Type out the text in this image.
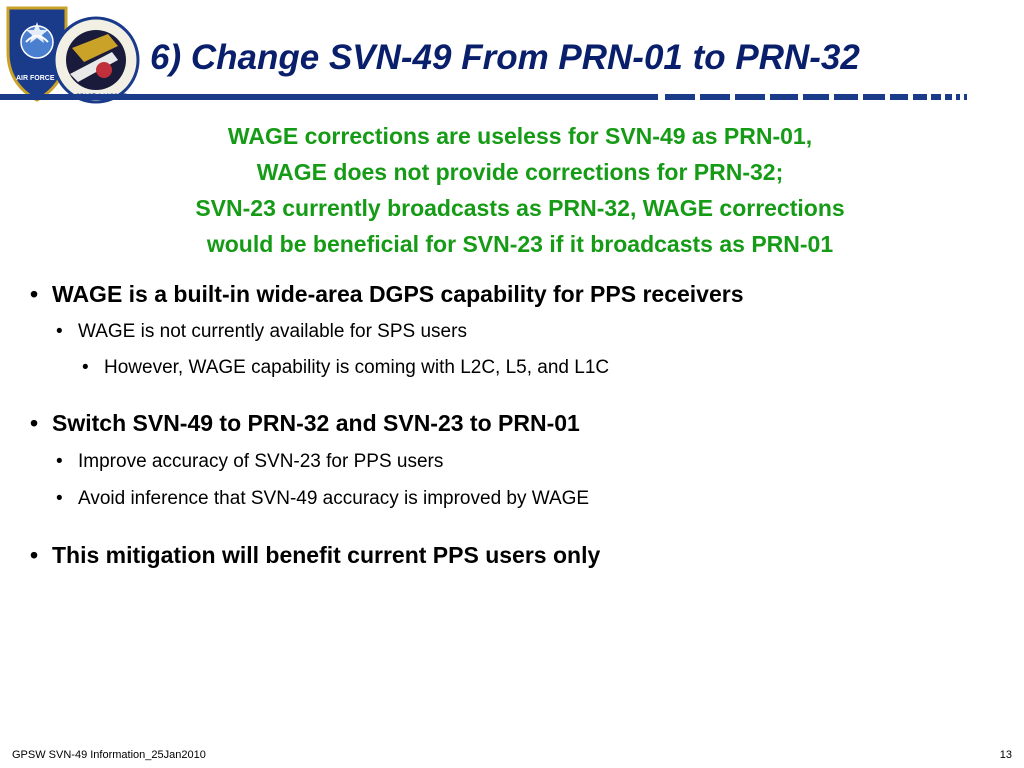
AIR FORCE
6) Change SVN-49 From PRN-01 to PRN-32
WAGE corrections are useless for SVN-49 as PRN-01,
WAGE does not provide corrections for PRN-32;
SVN-23 currently broadcasts as PRN-32, WAGE corrections
would be beneficial for SVN-23 if it broadcasts as PRN-01
• WAGE is a built-in wide-area DGPS capability for PPS receivers
• WAGE is not currently available for SPS users
• However, WAGE capability is coming with L2C, L5, and L1C
• Switch SVN-49 to PRN-32 and SVN-23 to PRN-01
• Improve accuracy of SVN-23 for PPS users
• Avoid inference that SVN-49 accuracy is improved by WAGE
• This mitigation will benefit current PPS users only
GPSW SVN-49 Information_25Jan2010	13
